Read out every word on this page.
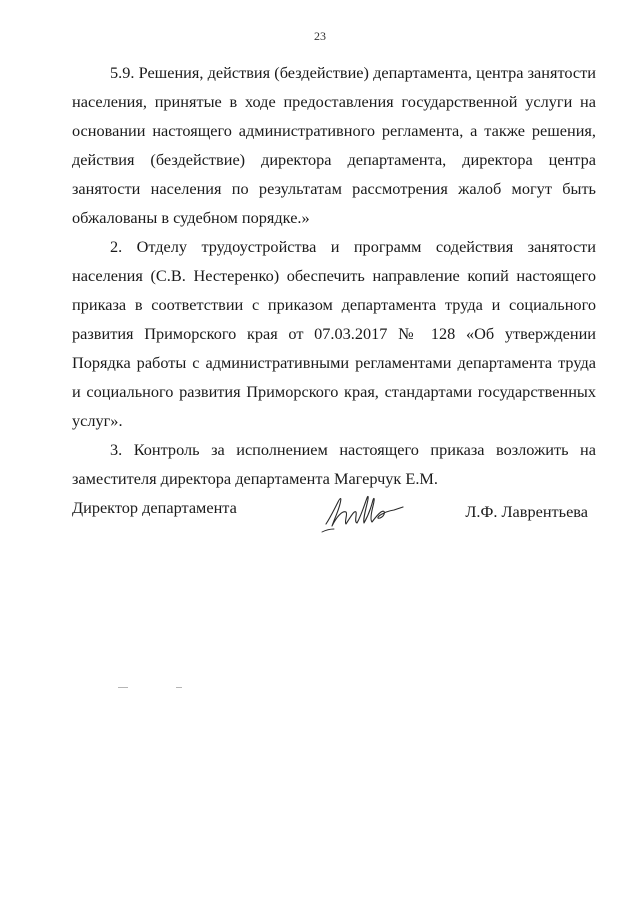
23

5.9. Решения, действия (бездействие) департамента, центра занятости населения, принятые в ходе предоставления государственной услуги на основании настоящего административного регламента, а также решения, действия (бездействие) директора департамента, директора центра занятости населения по результатам рассмотрения жалоб могут быть обжалованы в судебном порядке.»

2. Отделу трудоустройства и программ содействия занятости населения (С.В. Нестеренко) обеспечить направление копий настоящего приказа в соответствии с приказом департамента труда и социального развития Приморского края от 07.03.2017 № 128 «Об утверждении Порядка работы с административными регламентами департамента труда и социального развития Приморского края, стандартами государственных услуг».

3. Контроль за исполнением настоящего приказа возложить на заместителя директора департамента Магерчук Е.М.

Директор департамента	Л.Ф. Лаврентьева
